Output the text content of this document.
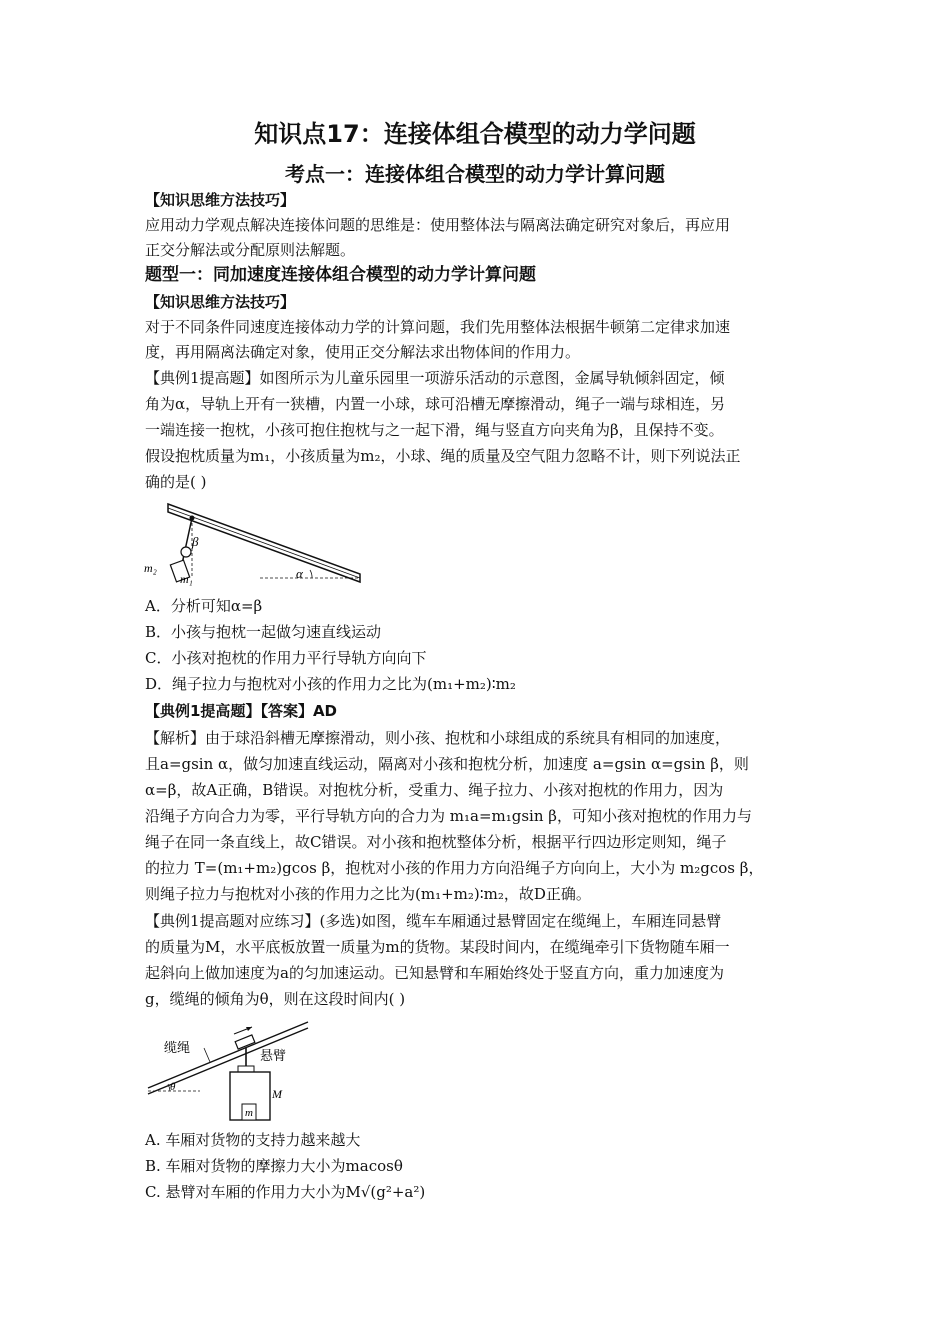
知识点17：连接体组合模型的动力学问题
考点一：连接体组合模型的动力学计算问题
【知识思维方法技巧】
应用动力学观点解决连接体问题的思维是：使用整体法与隔离法确定研究对象后，再应用
正交分解法或分配原则法解题。
题型一：同加速度连接体组合模型的动力学计算问题
【知识思维方法技巧】
对于不同条件同速度连接体动力学的计算问题，我们先用整体法根据牛顿第二定律求加速
度，再用隔离法确定对象，使用正交分解法求出物体间的作用力。
【典例1提高题】如图所示为儿童乐园里一项游乐活动的示意图，金属导轨倾斜固定，倾
角为α，导轨上开有一狭槽，内置一小球，球可沿槽无摩擦滑动，绳子一端与球相连，另
一端连接一抱枕，小孩可抱住抱枕与之一起下滑，绳与竖直方向夹角为β，且保持不变。
假设抱枕质量为m₁，小孩质量为m₂，小球、绳的质量及空气阻力忽略不计，则下列说法正
确的是( )
β
α
m₂
m₁
A．分析可知α=β
B．小孩与抱枕一起做匀速直线运动
C．小孩对抱枕的作用力平行导轨方向向下
D．绳子拉力与抱枕对小孩的作用力之比为(m₁+m₂)∶m₂
【典例1提高题】【答案】AD
【解析】由于球沿斜槽无摩擦滑动，则小孩、抱枕和小球组成的系统具有相同的加速度，
且a=gsin α，做匀加速直线运动，隔离对小孩和抱枕分析，加速度 a=gsin α=gsin β，则
α=β，故A正确，B错误。对抱枕分析，受重力、绳子拉力、小孩对抱枕的作用力，因为
沿绳子方向合力为零，平行导轨方向的合力为 m₁a=m₁gsin β，可知小孩对抱枕的作用力与
绳子在同一条直线上，故C错误。对小孩和抱枕整体分析，根据平行四边形定则知，绳子
的拉力 T=(m₁+m₂)gcos β，抱枕对小孩的作用力方向沿绳子方向向上，大小为 m₂gcos β，
则绳子拉力与抱枕对小孩的作用力之比为(m₁+m₂)∶m₂，故D正确。
【典例1提高题对应练习】(多选)如图，缆车车厢通过悬臂固定在缆绳上，车厢连同悬臂
的质量为M，水平底板放置一质量为m的货物。某段时间内，在缆绳牵引下货物随车厢一
起斜向上做加速度为a的匀加速运动。已知悬臂和车厢始终处于竖直方向，重力加速度为
g，缆绳的倾角为θ，则在这段时间内( )
缆绳
悬臂
M
m
θ
A. 车厢对货物的支持力越来越大
B. 车厢对货物的摩擦力大小为macosθ
C. 悬臂对车厢的作用力大小为M√(g²+a²)
